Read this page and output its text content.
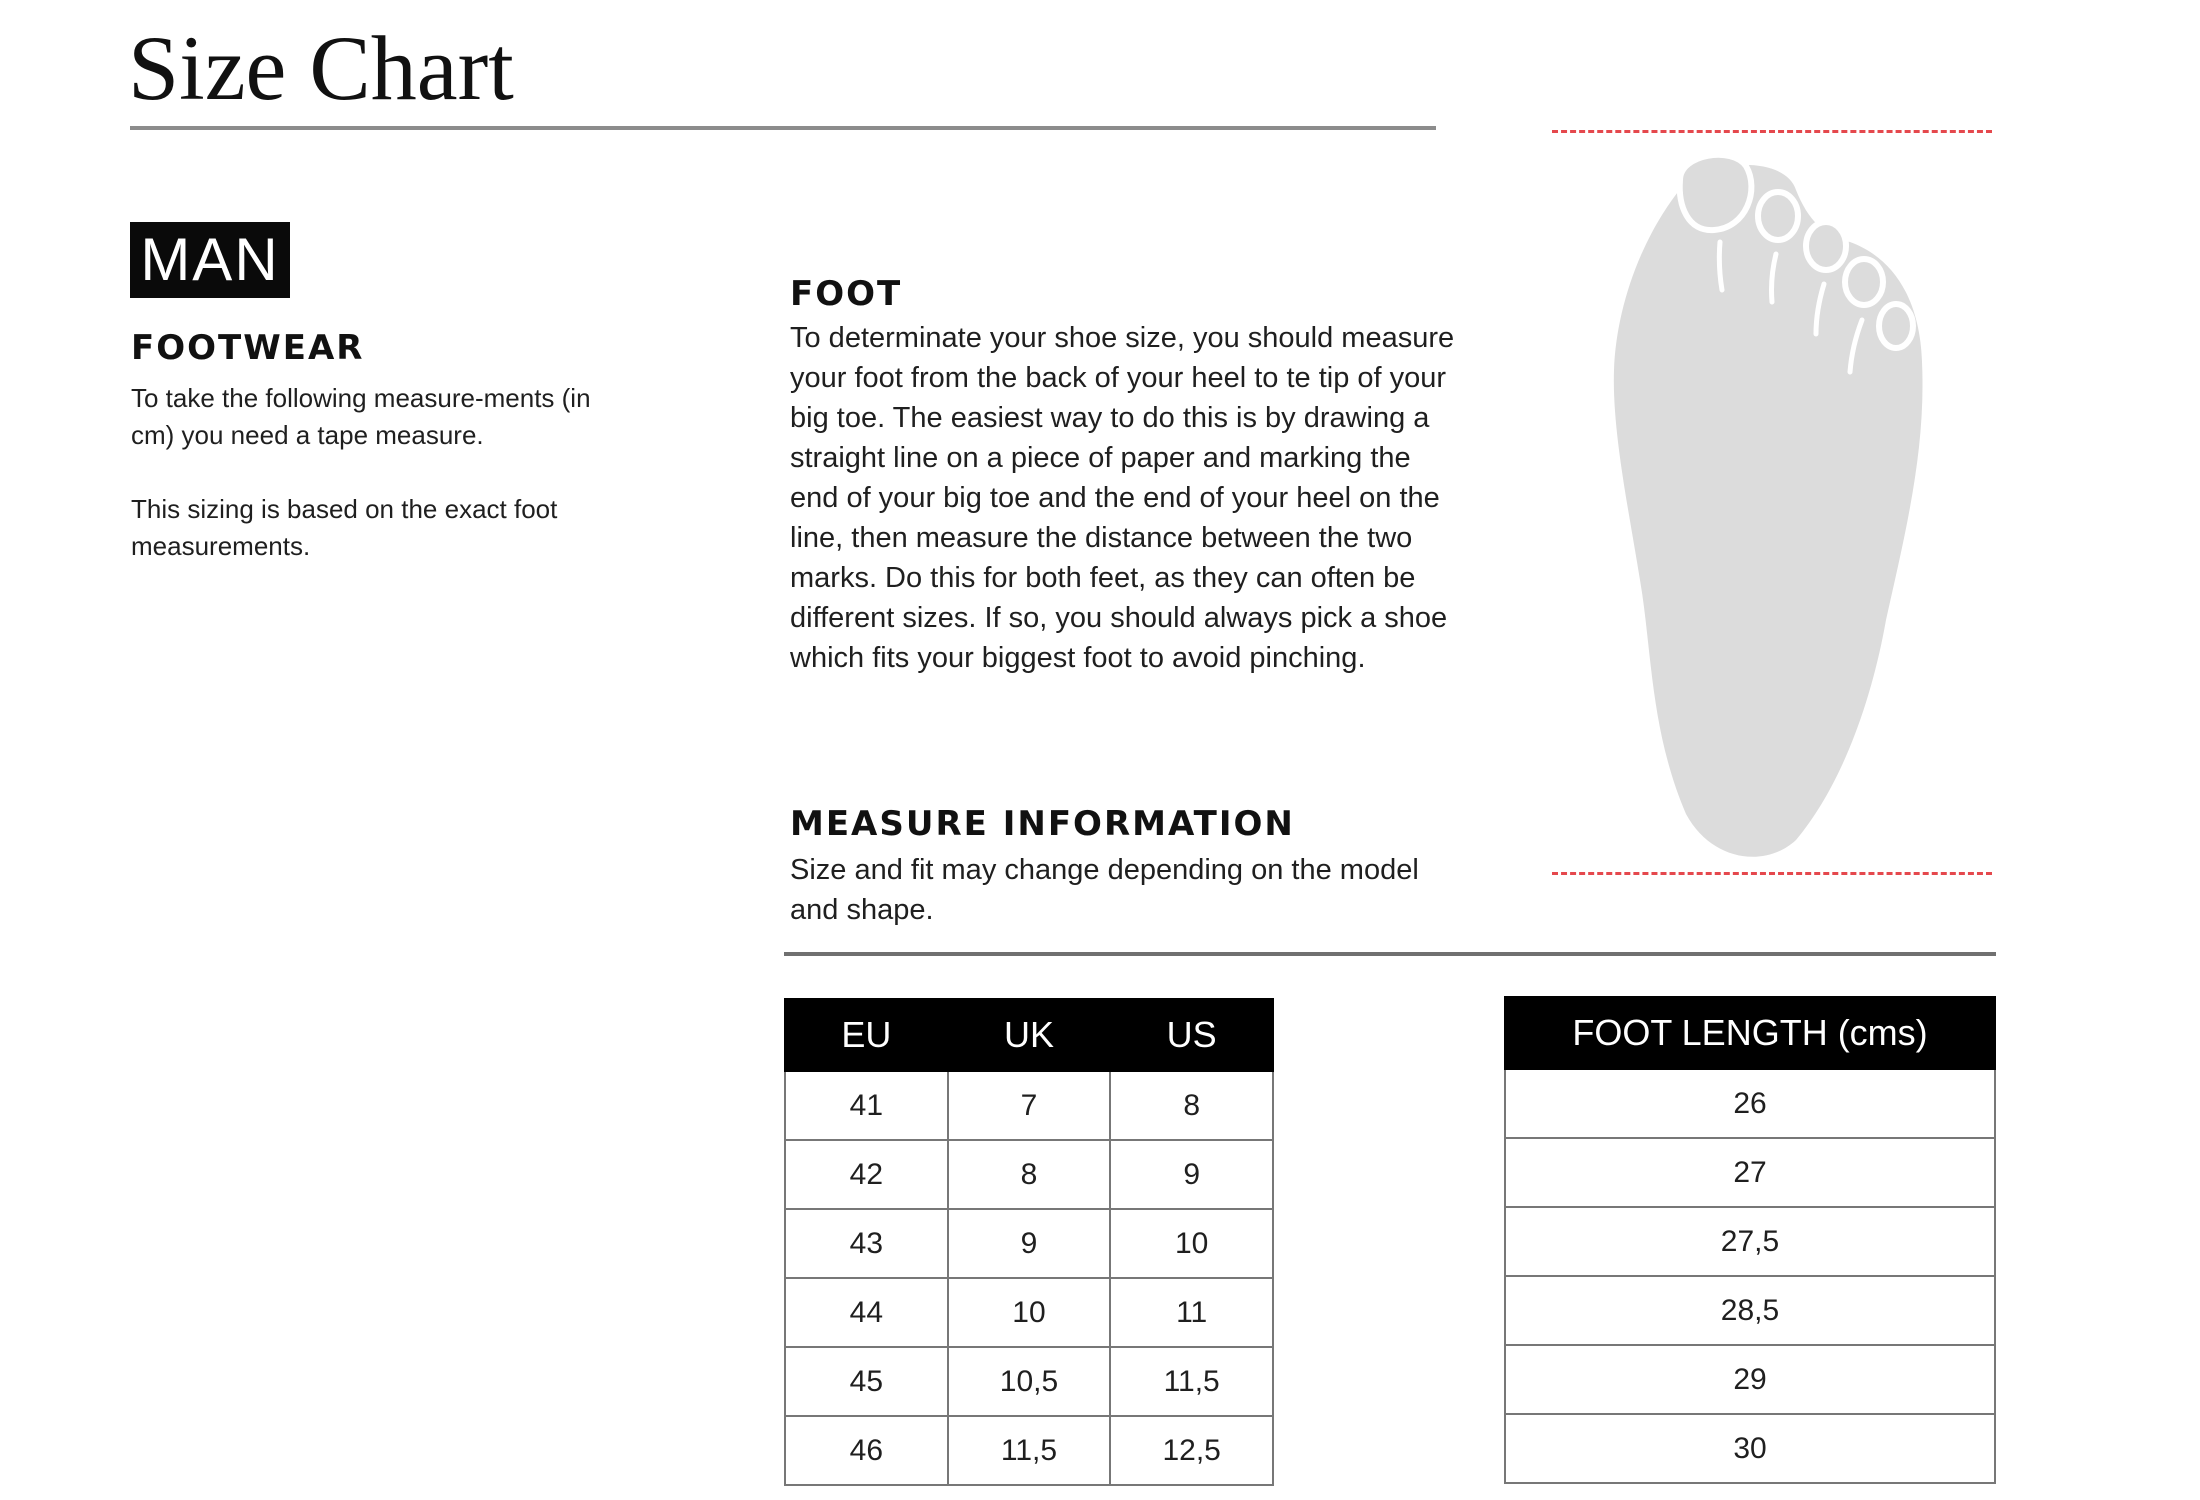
Size Chart
MAN
FOOTWEAR

To take the following measure-ments (in cm) you need a tape measure.

This sizing is based on the exact foot measurements.

FOOT

To determinate your shoe size, you should measure your foot from the back of your heel to te tip of your big toe. The easiest way to do this is by drawing a straight line on a piece of paper and marking the end of your big toe and the end of your heel on the line, then measure the distance between the two marks. Do this for both feet, as they can often be different sizes. If so, you should always pick a shoe which fits your biggest foot to avoid pinching.

MEASURE INFORMATION

Size and fit may change depending on the model and shape.

EU	UK	US
41	7	8
42	8	9
43	9	10
44	10	11
45	10,5	11,5
46	11,5	12,5
FOOT LENGTH (cms)
26
27
27,5
28,5
29
30
